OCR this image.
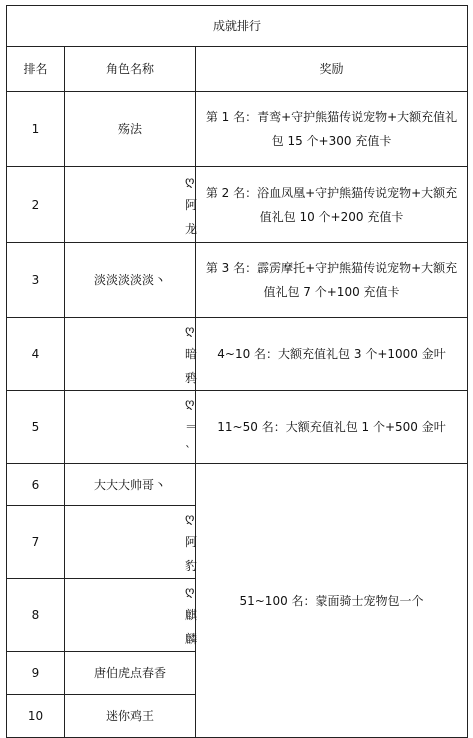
成就排行		
排名	角色名称	奖励
1	殇法	第 1 名：青鸾+守护熊猫传说宠物+大额充值礼包 15 个+300 充值卡
2	ღ阿龙	第 2 名：浴血凤凰+守护熊猫传说宠物+大额充值礼包 10 个+200 充值卡
3	淡淡淡淡淡丶	第 3 名：霹雳摩托+守护熊猫传说宠物+大额充值礼包 7 个+100 充值卡
4	ღ暗鸦	4~10 名：大额充值礼包 3 个+1000 金叶
5	ღ＝`	11~50 名：大额充值礼包 1 个+500 金叶
6	大大大帅哥丶	51~100 名：蒙面骑士宠物包一个
7	ღ阿豹	
8	ღ麒麟	
9	唐伯虎点春香	
10	迷你鸡王	
